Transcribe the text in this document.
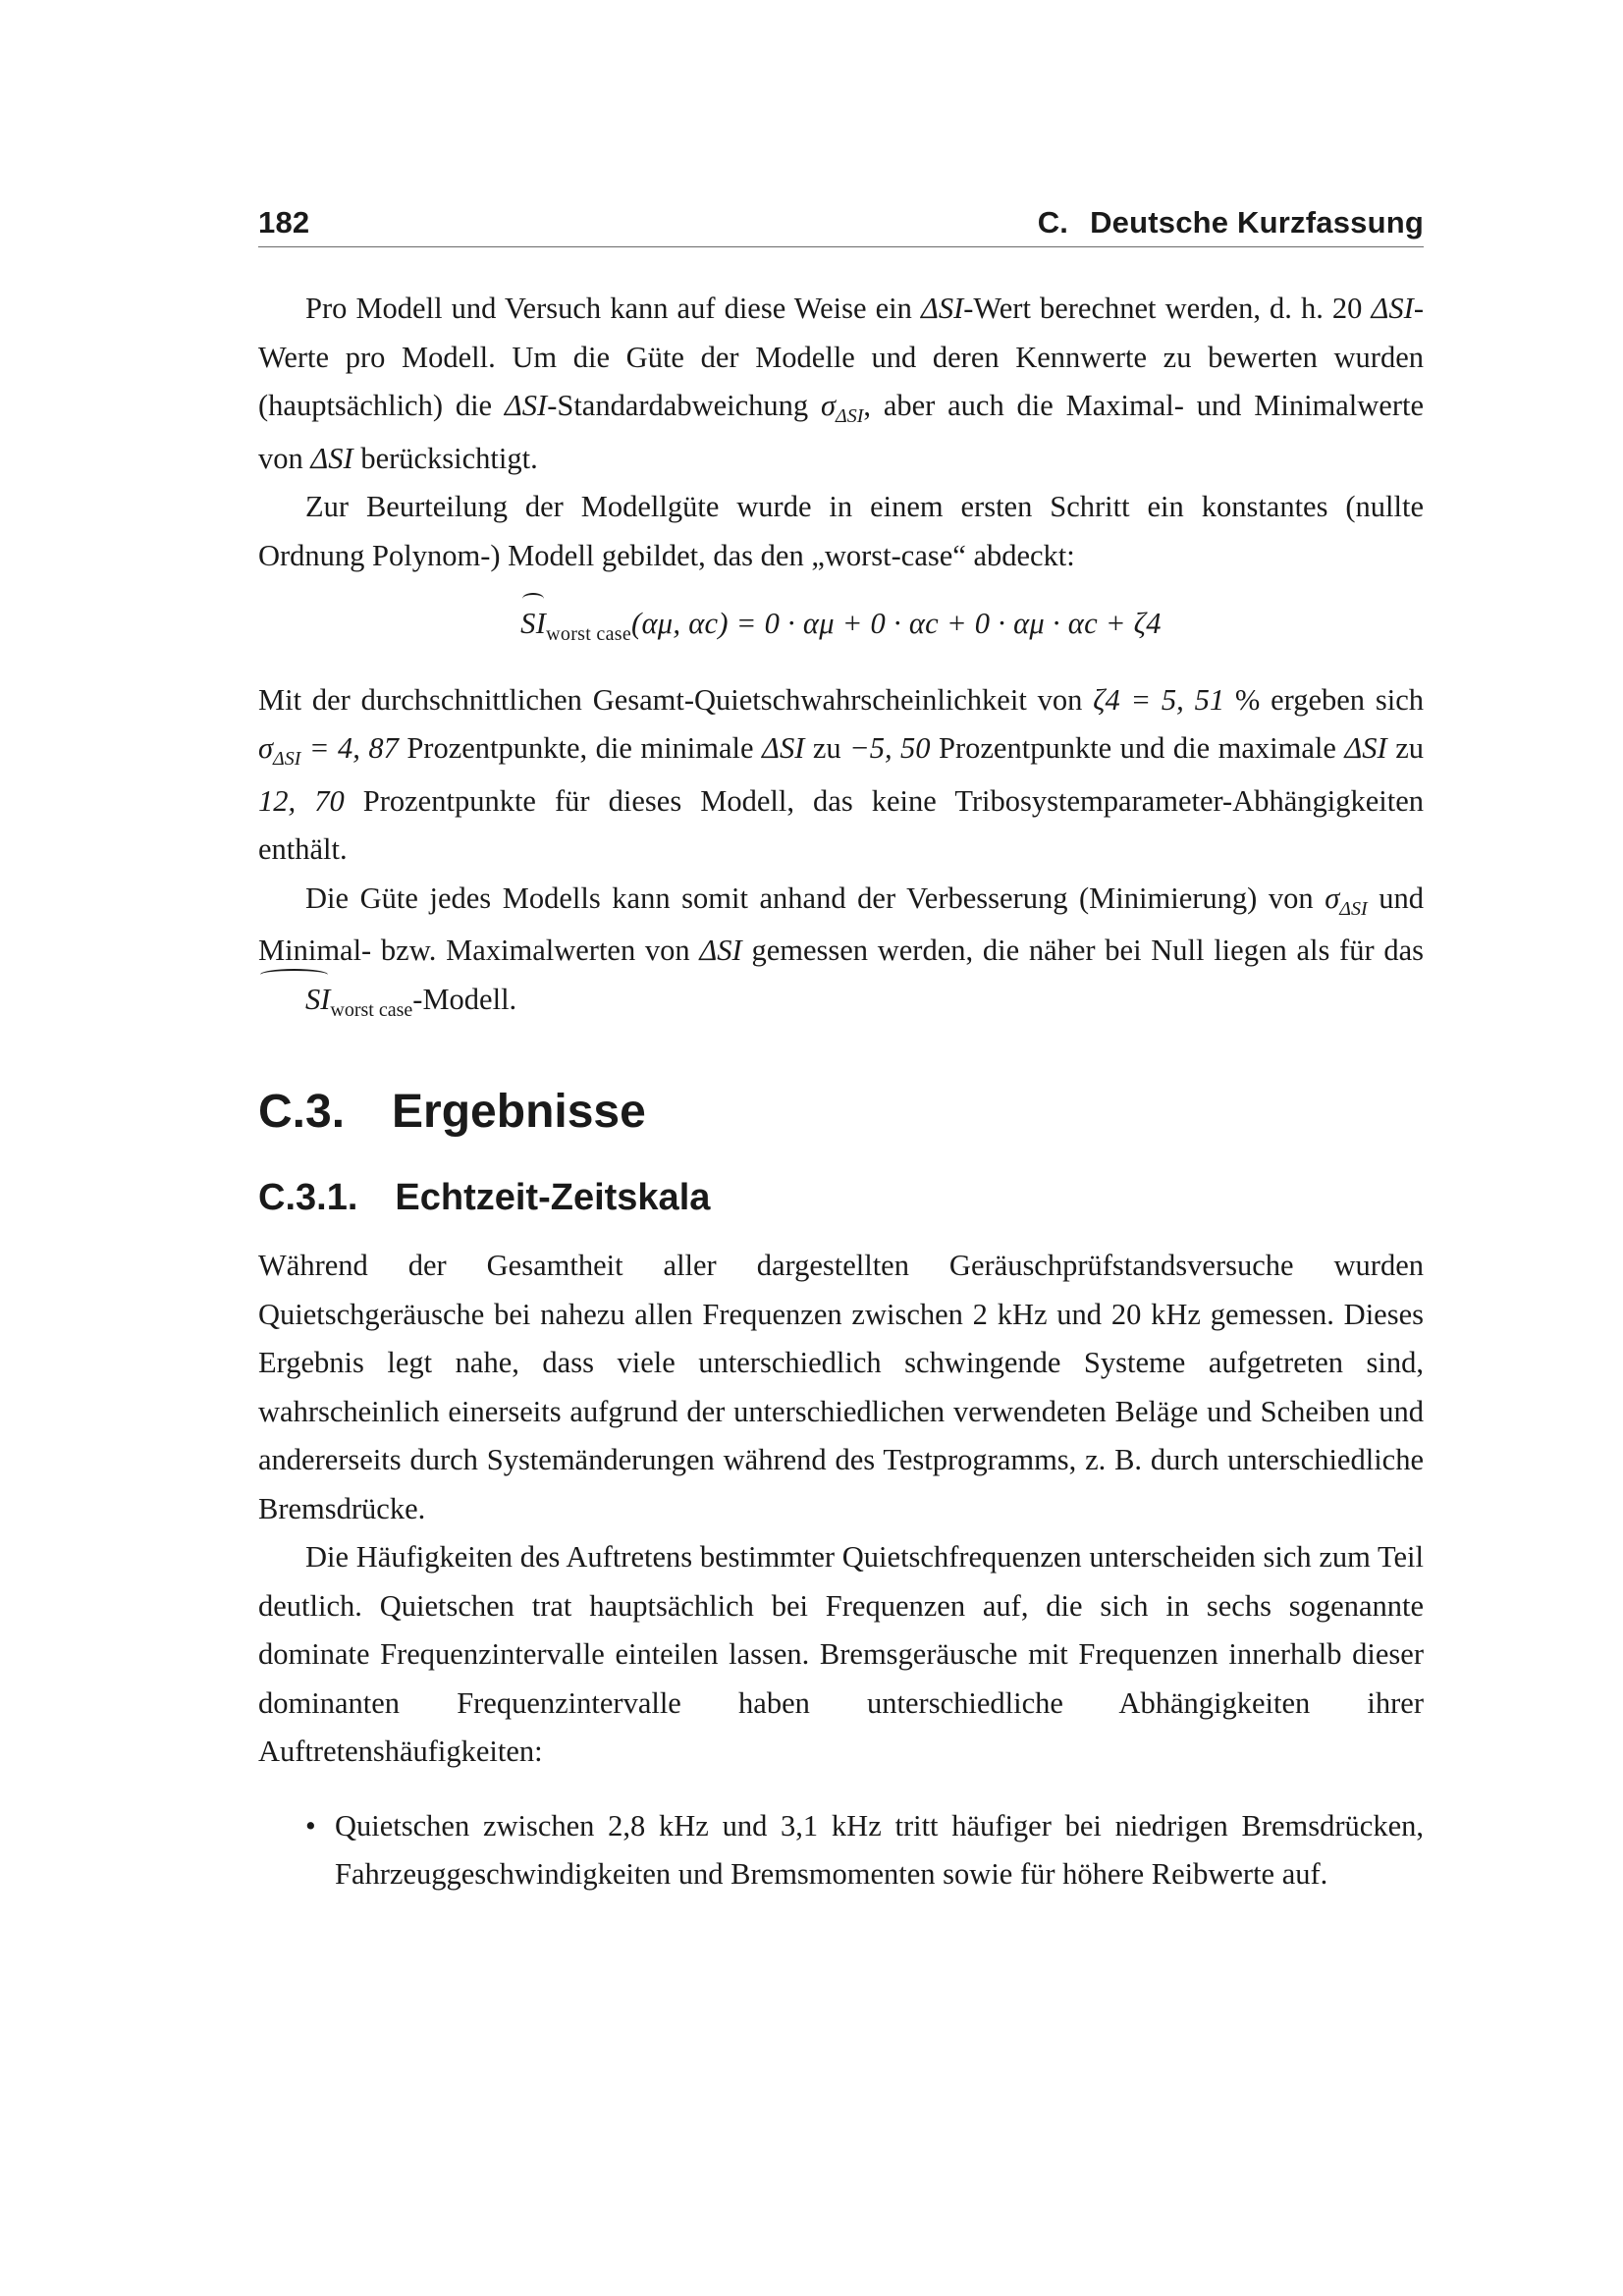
182	C. Deutsche Kurzfassung

Pro Modell und Versuch kann auf diese Weise ein ΔSI-Wert berechnet werden, d. h. 20 ΔSI-Werte pro Modell. Um die Güte der Modelle und deren Kennwerte zu bewerten wurden (hauptsächlich) die ΔSI-Standardabweichung $\sigma_{\Delta SI}$, aber auch die Maximal- und Minimalwerte von ΔSI berücksichtigt.

Zur Beurteilung der Modellgüte wurde in einem ersten Schritt ein konstantes (nullte Ordnung Polynom-) Modell gebildet, das den „worst-case“ abdeckt:

$SI_{worst case}(\alpha\mu$, αc) = 0 · αμ + 0 · αc + 0 · αμ · αc + ζ4

Mit der durchschnittlichen Gesamt-Quietschwahrscheinlichkeit von ζ4 = 5, 51 % ergeben sich $\sigma_{\Delta SI} = 4$, 87 Prozentpunkte, die minimale ΔSI zu −5, 50 Prozentpunkte und die maximale ΔSI zu 12, 70 Prozentpunkte für dieses Modell, das keine Tribosystemparameter-Abhängigkeiten enthält.

Die Güte jedes Modells kann somit anhand der Verbesserung (Minimierung) von $\sigma_{\Delta SI}$ und Minimal- bzw. Maximalwerten von ΔSI gemessen werden, die näher bei Null liegen als für das $SI_{worst case}$-Modell.

C.3. Ergebnisse
C.3.1. Echtzeit-Zeitskala

Während der Gesamtheit aller dargestellten Geräuschprüfstandsversuche wurden Quietschgeräusche bei nahezu allen Frequenzen zwischen 2 kHz und 20 kHz gemessen. Dieses Ergebnis legt nahe, dass viele unterschiedlich schwingende Systeme aufgetreten sind, wahrscheinlich einerseits aufgrund der unterschiedlichen verwendeten Beläge und Scheiben und andererseits durch Systemänderungen während des Testprogramms, z. B. durch unterschiedliche Bremsdrücke.

Die Häufigkeiten des Auftretens bestimmter Quietschfrequenzen unterscheiden sich zum Teil deutlich. Quietschen trat hauptsächlich bei Frequenzen auf, die sich in sechs sogenannte dominate Frequenzintervalle einteilen lassen. Bremsgeräusche mit Frequenzen innerhalb dieser dominanten Frequenzintervalle haben unterschiedliche Abhängigkeiten ihrer Auftretenshäufigkeiten:

• Quietschen zwischen 2,8 kHz und 3,1 kHz tritt häufiger bei niedrigen Bremsdrücken, Fahrzeuggeschwindigkeiten und Bremsmomenten sowie für höhere Reibwerte auf.
